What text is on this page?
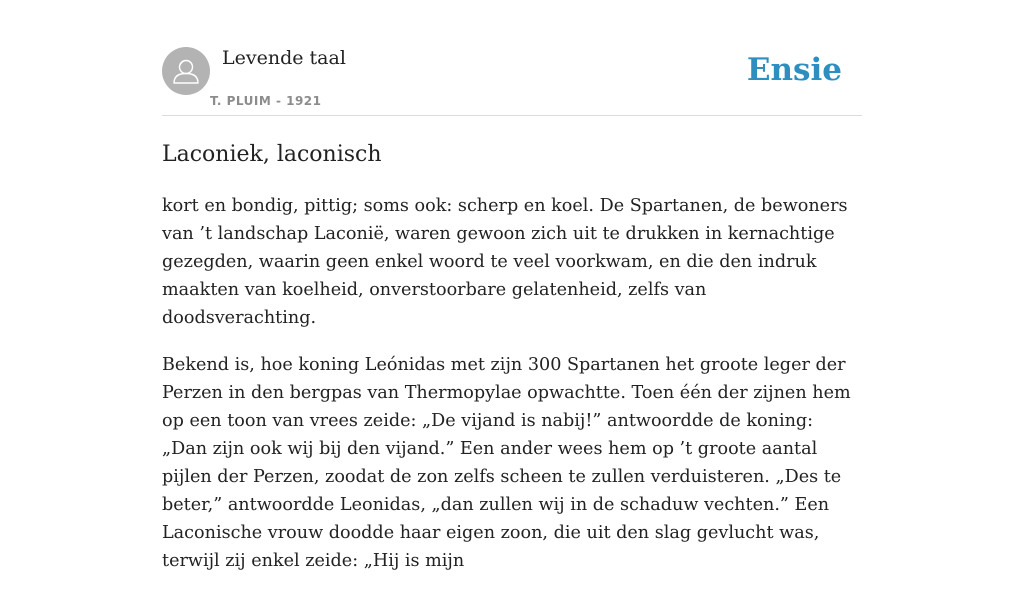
Levende taal
T. PLUIM - 1921
Ensie
Laconiek, laconisch

kort en bondig, pittig; soms ook: scherp en koel. De Spartanen, de bewoners van ’t landschap Laconië, waren gewoon zich uit te drukken in kernachtige gezegden, waarin geen enkel woord te veel voorkwam, en die den indruk maakten van koelheid, onverstoorbare gelatenheid, zelfs van doodsverachting.

Bekend is, hoe koning Leónidas met zijn 300 Spartanen het groote leger der Perzen in den bergpas van Thermopylae opwachtte. Toen één der zijnen hem op een toon van vrees zeide: „De vijand is nabij!” antwoordde de koning: „Dan zijn ook wij bij den vijand.” Een ander wees hem op ’t groote aantal pijlen der Perzen, zoodat de zon zelfs scheen te zullen verduisteren. „Des te beter,” antwoordde Leonidas, „dan zullen wij in de schaduw vechten.” Een Laconische vrouw doodde haar eigen zoon, die uit den slag gevlucht was, terwijl zij enkel zeide: „Hij is mijn
